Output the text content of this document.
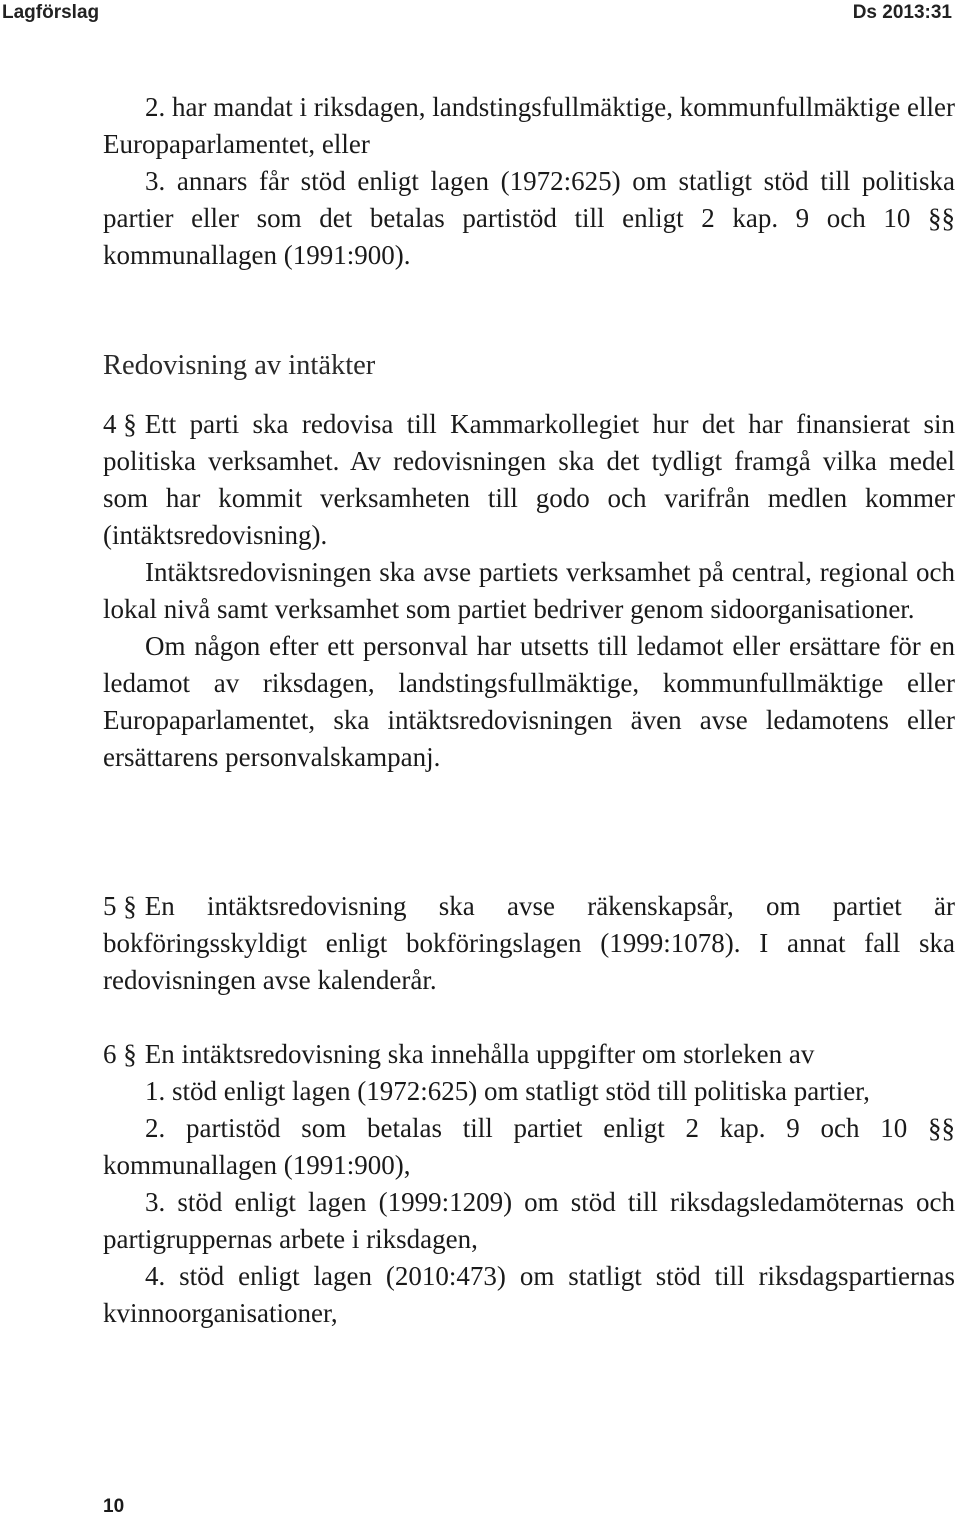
Lagförslag	Ds 2013:31

2. har mandat i riksdagen, landstingsfullmäktige, kommunfullmäktige eller Europaparlamentet, eller

3. annars får stöd enligt lagen (1972:625) om statligt stöd till politiska partier eller som det betalas partistöd till enligt 2 kap. 9 och 10 §§ kommunallagen (1991:900).

Redovisning av intäkter

4 § Ett parti ska redovisa till Kammarkollegiet hur det har finansierat sin politiska verksamhet. Av redovisningen ska det tydligt framgå vilka medel som har kommit verksamheten till godo och varifrån medlen kommer (intäktsredovisning).

Intäktsredovisningen ska avse partiets verksamhet på central, regional och lokal nivå samt verksamhet som partiet bedriver genom sidoorganisationer.

Om någon efter ett personval har utsetts till ledamot eller ersättare för en ledamot av riksdagen, landstingsfullmäktige, kommunfullmäktige eller Europaparlamentet, ska intäktsredovisningen även avse ledamotens eller ersättarens personvalskampanj.

5 § En intäktsredovisning ska avse räkenskapsår, om partiet är bokföringsskyldigt enligt bokföringslagen (1999:1078). I annat fall ska redovisningen avse kalenderår.

6 § En intäktsredovisning ska innehålla uppgifter om storleken av

1. stöd enligt lagen (1972:625) om statligt stöd till politiska partier,

2. partistöd som betalas till partiet enligt 2 kap. 9 och 10 §§ kommunallagen (1991:900),

3. stöd enligt lagen (1999:1209) om stöd till riksdagsledamöternas och partigruppernas arbete i riksdagen,

4. stöd enligt lagen (2010:473) om statligt stöd till riksdagspartiernas kvinnoorganisationer,

10
